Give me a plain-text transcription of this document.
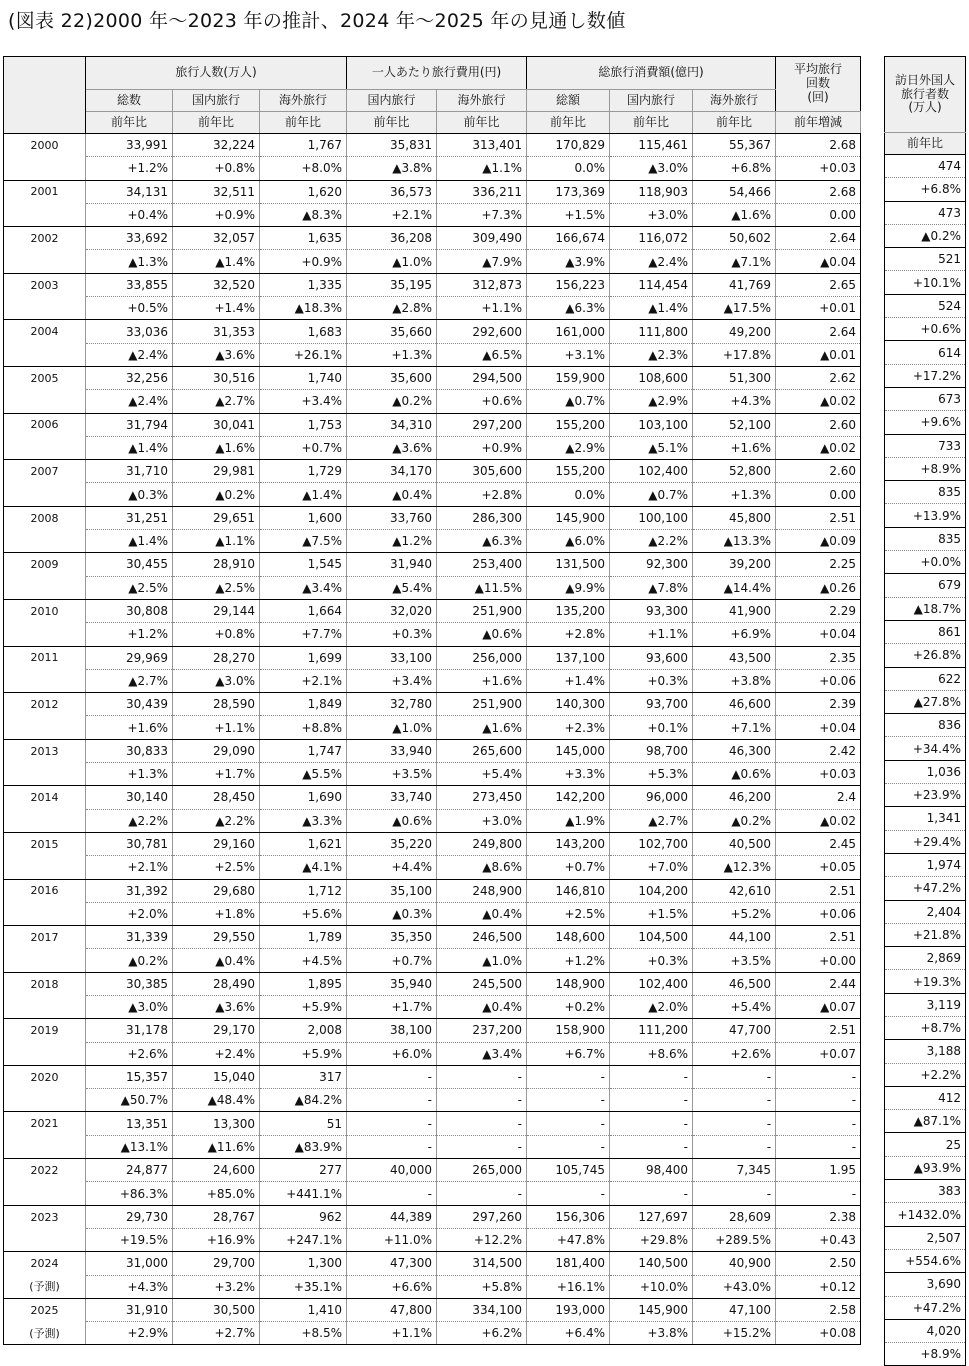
(図表 22)2000 年～2023 年の推計、2024 年～2025 年の見通し数値
	旅行人数(万人)			一人あたり旅行費用(円)		総旅行消費額(億円)			平均旅行
回数
(回)
	総数	国内旅行	海外旅行	国内旅行	海外旅行	総額	国内旅行	海外旅行	
	前年比	前年比	前年比	前年比	前年比	前年比	前年比	前年比	前年増減
2000	33,991	32,224	1,767	35,831	313,401	170,829	115,461	55,367	2.68
	+1.2%	+0.8%	+8.0%	▲3.8%	▲1.1%	0.0%	▲3.0%	+6.8%	+0.03
2001	34,131	32,511	1,620	36,573	336,211	173,369	118,903	54,466	2.68
	+0.4%	+0.9%	▲8.3%	+2.1%	+7.3%	+1.5%	+3.0%	▲1.6%	0.00
2002	33,692	32,057	1,635	36,208	309,490	166,674	116,072	50,602	2.64
	▲1.3%	▲1.4%	+0.9%	▲1.0%	▲7.9%	▲3.9%	▲2.4%	▲7.1%	▲0.04
2003	33,855	32,520	1,335	35,195	312,873	156,223	114,454	41,769	2.65
	+0.5%	+1.4%	▲18.3%	▲2.8%	+1.1%	▲6.3%	▲1.4%	▲17.5%	+0.01
2004	33,036	31,353	1,683	35,660	292,600	161,000	111,800	49,200	2.64
	▲2.4%	▲3.6%	+26.1%	+1.3%	▲6.5%	+3.1%	▲2.3%	+17.8%	▲0.01
2005	32,256	30,516	1,740	35,600	294,500	159,900	108,600	51,300	2.62
	▲2.4%	▲2.7%	+3.4%	▲0.2%	+0.6%	▲0.7%	▲2.9%	+4.3%	▲0.02
2006	31,794	30,041	1,753	34,310	297,200	155,200	103,100	52,100	2.60
	▲1.4%	▲1.6%	+0.7%	▲3.6%	+0.9%	▲2.9%	▲5.1%	+1.6%	▲0.02
2007	31,710	29,981	1,729	34,170	305,600	155,200	102,400	52,800	2.60
	▲0.3%	▲0.2%	▲1.4%	▲0.4%	+2.8%	0.0%	▲0.7%	+1.3%	0.00
2008	31,251	29,651	1,600	33,760	286,300	145,900	100,100	45,800	2.51
	▲1.4%	▲1.1%	▲7.5%	▲1.2%	▲6.3%	▲6.0%	▲2.2%	▲13.3%	▲0.09
2009	30,455	28,910	1,545	31,940	253,400	131,500	92,300	39,200	2.25
	▲2.5%	▲2.5%	▲3.4%	▲5.4%	▲11.5%	▲9.9%	▲7.8%	▲14.4%	▲0.26
2010	30,808	29,144	1,664	32,020	251,900	135,200	93,300	41,900	2.29
	+1.2%	+0.8%	+7.7%	+0.3%	▲0.6%	+2.8%	+1.1%	+6.9%	+0.04
2011	29,969	28,270	1,699	33,100	256,000	137,100	93,600	43,500	2.35
	▲2.7%	▲3.0%	+2.1%	+3.4%	+1.6%	+1.4%	+0.3%	+3.8%	+0.06
2012	30,439	28,590	1,849	32,780	251,900	140,300	93,700	46,600	2.39
	+1.6%	+1.1%	+8.8%	▲1.0%	▲1.6%	+2.3%	+0.1%	+7.1%	+0.04
2013	30,833	29,090	1,747	33,940	265,600	145,000	98,700	46,300	2.42
	+1.3%	+1.7%	▲5.5%	+3.5%	+5.4%	+3.3%	+5.3%	▲0.6%	+0.03
2014	30,140	28,450	1,690	33,740	273,450	142,200	96,000	46,200	2.4
	▲2.2%	▲2.2%	▲3.3%	▲0.6%	+3.0%	▲1.9%	▲2.7%	▲0.2%	▲0.02
2015	30,781	29,160	1,621	35,220	249,800	143,200	102,700	40,500	2.45
	+2.1%	+2.5%	▲4.1%	+4.4%	▲8.6%	+0.7%	+7.0%	▲12.3%	+0.05
2016	31,392	29,680	1,712	35,100	248,900	146,810	104,200	42,610	2.51
	+2.0%	+1.8%	+5.6%	▲0.3%	▲0.4%	+2.5%	+1.5%	+5.2%	+0.06
2017	31,339	29,550	1,789	35,350	246,500	148,600	104,500	44,100	2.51
	▲0.2%	▲0.4%	+4.5%	+0.7%	▲1.0%	+1.2%	+0.3%	+3.5%	+0.00
2018	30,385	28,490	1,895	35,940	245,500	148,900	102,400	46,500	2.44
	▲3.0%	▲3.6%	+5.9%	+1.7%	▲0.4%	+0.2%	▲2.0%	+5.4%	▲0.07
2019	31,178	29,170	2,008	38,100	237,200	158,900	111,200	47,700	2.51
	+2.6%	+2.4%	+5.9%	+6.0%	▲3.4%	+6.7%	+8.6%	+2.6%	+0.07
2020	15,357	15,040	317	-	-	-	-	-	-
	▲50.7%	▲48.4%	▲84.2%	-	-	-	-	-	-
2021	13,351	13,300	51	-	-	-	-	-	-
	▲13.1%	▲11.6%	▲83.9%	-	-	-	-	-	-
2022	24,877	24,600	277	40,000	265,000	105,745	98,400	7,345	1.95
	+86.3%	+85.0%	+441.1%	-	-	-	-	-	-
2023	29,730	28,767	962	44,389	297,260	156,306	127,697	28,609	2.38
	+19.5%	+16.9%	+247.1%	+11.0%	+12.2%	+47.8%	+29.8%	+289.5%	+0.43
2024	31,000	29,700	1,300	47,300	314,500	181,400	140,500	40,900	2.50
(予測)	+4.3%	+3.2%	+35.1%	+6.6%	+5.8%	+16.1%	+10.0%	+43.0%	+0.12
2025	31,910	30,500	1,410	47,800	334,100	193,000	145,900	47,100	2.58
(予測)	+2.9%	+2.7%	+8.5%	+1.1%	+6.2%	+6.4%	+3.8%	+15.2%	+0.08
訪日外国人
旅行者数
(万人)
前年比
474
+6.8%
473
▲0.2%
521
+10.1%
524
+0.6%
614
+17.2%
673
+9.6%
733
+8.9%
835
+13.9%
835
+0.0%
679
▲18.7%
861
+26.8%
622
▲27.8%
836
+34.4%
1,036
+23.9%
1,341
+29.4%
1,974
+47.2%
2,404
+21.8%
2,869
+19.3%
3,119
+8.7%
3,188
+2.2%
412
▲87.1%
25
▲93.9%
383
+1432.0%
2,507
+554.6%
3,690
+47.2%
4,020
+8.9%
